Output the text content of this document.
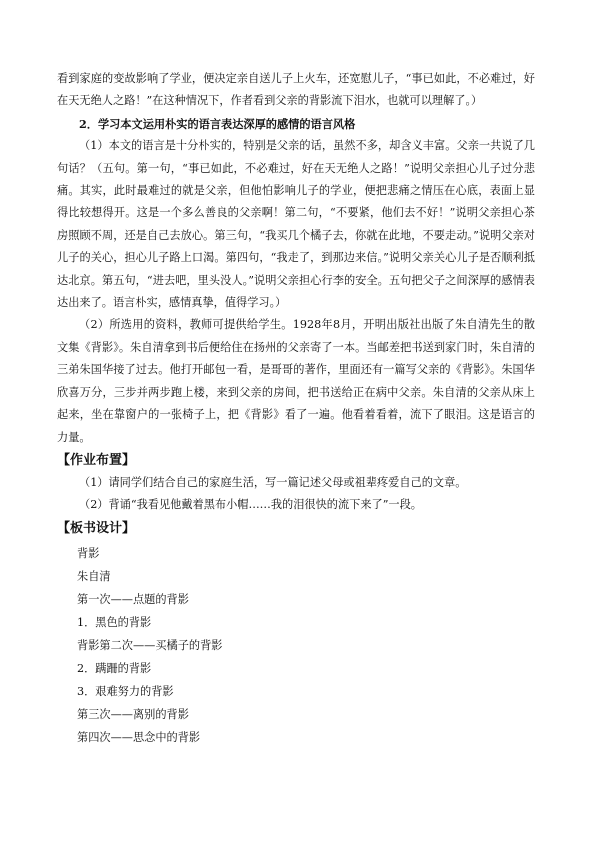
看到家庭的变故影响了学业，便决定亲自送儿子上火车，还宽慰儿子，“事已如此，不必难过，好在天无绝人之路！”在这种情况下，作者看到父亲的背影流下泪水，也就可以理解了。）

2．学习本文运用朴实的语言表达深厚的感情的语言风格

（1）本文的语言是十分朴实的，特别是父亲的话，虽然不多，却含义丰富。父亲一共说了几句话？（五句。第一句，“事已如此，不必难过，好在天无绝人之路！”说明父亲担心儿子过分悲痛。其实，此时最难过的就是父亲，但他怕影响儿子的学业，便把悲痛之情压在心底，表面上显得比较想得开。这是一个多么善良的父亲啊！第二句，“不要紧，他们去不好！”说明父亲担心茶房照顾不周，还是自己去放心。第三句，“我买几个橘子去，你就在此地，不要走动。”说明父亲对儿子的关心，担心儿子路上口渴。第四句，“我走了，到那边来信。”说明父亲关心儿子是否顺利抵达北京。第五句，“进去吧，里头没人。”说明父亲担心行李的安全。五句把父子之间深厚的感情表达出来了。语言朴实，感情真挚，值得学习。）

（2）所选用的资料，教师可提供给学生。1928年8月，开明出版社出版了朱自清先生的散文集《背影》。朱自清拿到书后便给住在扬州的父亲寄了一本。当邮差把书送到家门时，朱自清的三弟朱国华接了过去。他打开邮包一看，是哥哥的著作，里面还有一篇写父亲的《背影》。朱国华欣喜万分，三步并两步跑上楼，来到父亲的房间，把书送给正在病中父亲。朱自清的父亲从床上起来，坐在靠窗户的一张椅子上，把《背影》看了一遍。他看着看着，流下了眼泪。这是语言的力量。

【作业布置】

（1）请同学们结合自己的家庭生活，写一篇记述父母或祖辈疼爱自己的文章。

（2）背诵“我看见他戴着黑布小帽……我的泪很快的流下来了”一段。

【板书设计】

背影
朱自清
第一次——点题的背影
1．黑色的背影
背影第二次——买橘子的背影
2．蹒跚的背影
3．艰难努力的背影
第三次——离别的背影
第四次——思念中的背影
